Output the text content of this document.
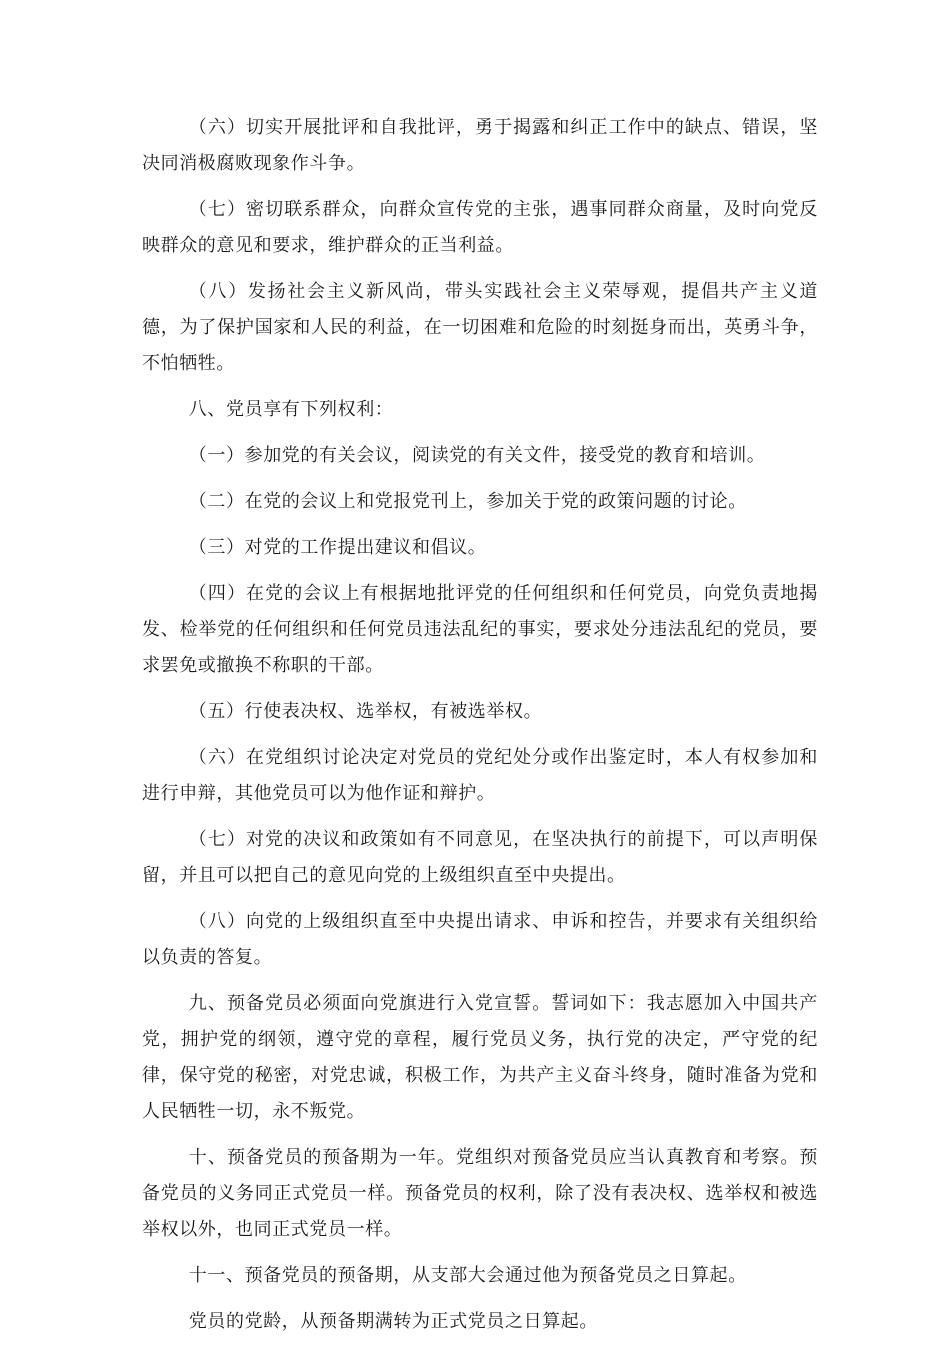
（六）切实开展批评和自我批评，勇于揭露和纠正工作中的缺点、错误，坚决同消极腐败现象作斗争。

（七）密切联系群众，向群众宣传党的主张，遇事同群众商量，及时向党反映群众的意见和要求，维护群众的正当利益。

（八）发扬社会主义新风尚，带头实践社会主义荣辱观，提倡共产主义道德，为了保护国家和人民的利益，在一切困难和危险的时刻挺身而出，英勇斗争，不怕牺牲。

八、党员享有下列权利：

（一）参加党的有关会议，阅读党的有关文件，接受党的教育和培训。

（二）在党的会议上和党报党刊上，参加关于党的政策问题的讨论。

（三）对党的工作提出建议和倡议。

（四）在党的会议上有根据地批评党的任何组织和任何党员，向党负责地揭发、检举党的任何组织和任何党员违法乱纪的事实，要求处分违法乱纪的党员，要求罢免或撤换不称职的干部。

（五）行使表决权、选举权，有被选举权。

（六）在党组织讨论决定对党员的党纪处分或作出鉴定时，本人有权参加和进行申辩，其他党员可以为他作证和辩护。

（七）对党的决议和政策如有不同意见，在坚决执行的前提下，可以声明保留，并且可以把自己的意见向党的上级组织直至中央提出。

（八）向党的上级组织直至中央提出请求、申诉和控告，并要求有关组织给以负责的答复。

九、预备党员必须面向党旗进行入党宣誓。誓词如下：我志愿加入中国共产党，拥护党的纲领，遵守党的章程，履行党员义务，执行党的决定，严守党的纪律，保守党的秘密，对党忠诚，积极工作，为共产主义奋斗终身，随时准备为党和人民牺牲一切，永不叛党。

十、预备党员的预备期为一年。党组织对预备党员应当认真教育和考察。预备党员的义务同正式党员一样。预备党员的权利，除了没有表决权、选举权和被选举权以外，也同正式党员一样。

十一、预备党员的预备期，从支部大会通过他为预备党员之日算起。

党员的党龄，从预备期满转为正式党员之日算起。
